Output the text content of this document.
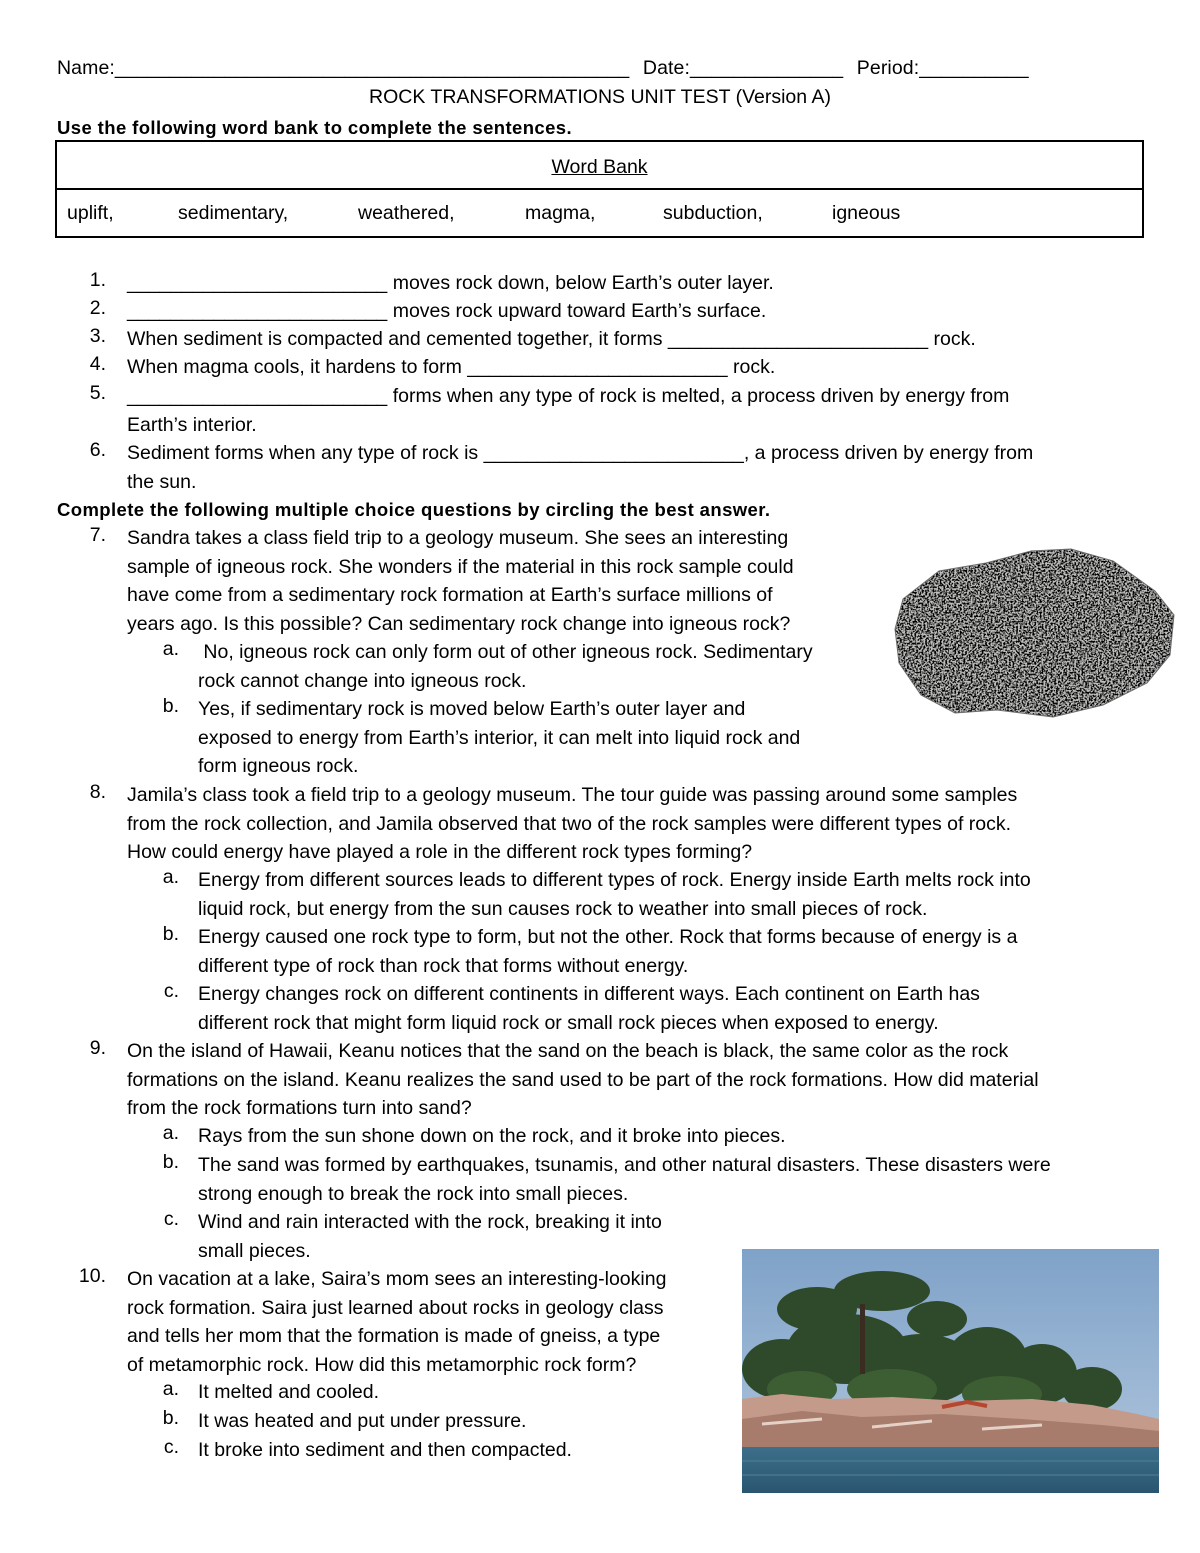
Name:_______________________________________________ Date:______________ Period:__________
ROCK TRANSFORMATIONS UNIT TEST (Version A)
Use the following word bank to complete the sentences.
Word Bank
uplift,	sedimentary,	weathered,	magma,	subduction,	igneous
1. ________________________ moves rock down, below Earth’s outer layer.
2. ________________________ moves rock upward toward Earth’s surface.
3. When sediment is compacted and cemented together, it forms ________________________ rock.
4. When magma cools, it hardens to form ________________________ rock.
5. ________________________ forms when any type of rock is melted, a process driven by energy from
Earth’s interior.
6. Sediment forms when any type of rock is ________________________, a process driven by energy from
the sun.
Complete the following multiple choice questions by circling the best answer.
7. Sandra takes a class field trip to a geology museum. She sees an interesting
sample of igneous rock. She wonders if the material in this rock sample could
have come from a sedimentary rock formation at Earth’s surface millions of
years ago. Is this possible? Can sedimentary rock change into igneous rock?
a. No, igneous rock can only form out of other igneous rock. Sedimentary
rock cannot change into igneous rock.
b. Yes, if sedimentary rock is moved below Earth’s outer layer and
exposed to energy from Earth’s interior, it can melt into liquid rock and
form igneous rock.
8. Jamila’s class took a field trip to a geology museum. The tour guide was passing around some samples
from the rock collection, and Jamila observed that two of the rock samples were different types of rock.
How could energy have played a role in the different rock types forming?
a. Energy from different sources leads to different types of rock. Energy inside Earth melts rock into
liquid rock, but energy from the sun causes rock to weather into small pieces of rock.
b. Energy caused one rock type to form, but not the other. Rock that forms because of energy is a
different type of rock than rock that forms without energy.
c. Energy changes rock on different continents in different ways. Each continent on Earth has
different rock that might form liquid rock or small rock pieces when exposed to energy.
9. On the island of Hawaii, Keanu notices that the sand on the beach is black, the same color as the rock
formations on the island. Keanu realizes the sand used to be part of the rock formations. How did material
from the rock formations turn into sand?
a. Rays from the sun shone down on the rock, and it broke into pieces.
b. The sand was formed by earthquakes, tsunamis, and other natural disasters. These disasters were
strong enough to break the rock into small pieces.
c. Wind and rain interacted with the rock, breaking it into
small pieces.
10. On vacation at a lake, Saira’s mom sees an interesting-looking
rock formation. Saira just learned about rocks in geology class
and tells her mom that the formation is made of gneiss, a type
of metamorphic rock. How did this metamorphic rock form?
a. It melted and cooled.
b. It was heated and put under pressure.
c. It broke into sediment and then compacted.
